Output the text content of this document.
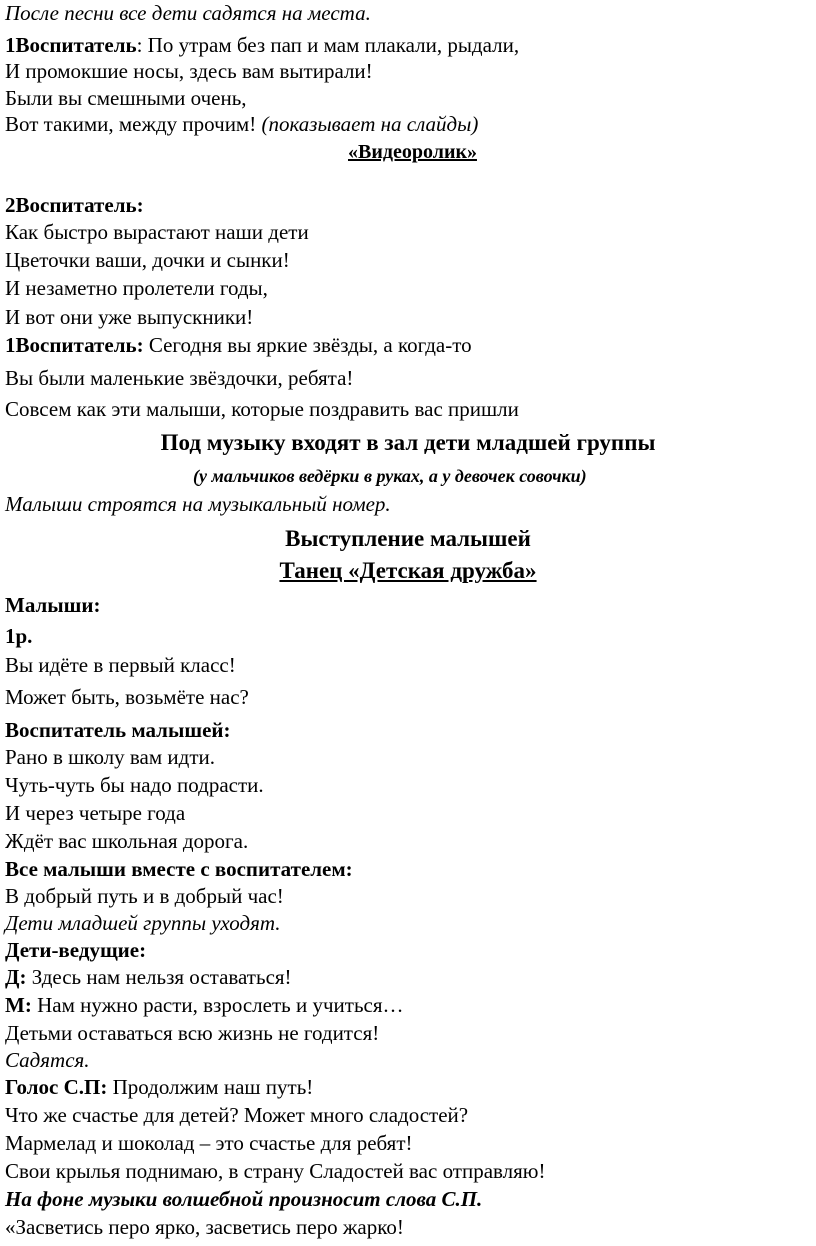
После песни все дети садятся на места.
1Воспитатель: По утрам без пап и мам плакали, рыдали,
И промокшие носы, здесь вам вытирали!
Были вы смешными очень,
Вот такими, между прочим! (показывает на слайды)
«Видеоролик»
2Воспитатель:
Как быстро вырастают наши дети
Цветочки ваши, дочки и сынки!
И незаметно пролетели годы,
И вот они уже выпускники!
1Воспитатель: Сегодня вы яркие звёзды, а когда-то
Вы были маленькие звёздочки, ребята!
Совсем как эти малыши, которые поздравить вас пришли
Под музыку входят в зал дети младшей группы
(у мальчиков ведёрки в руках, а у девочек совочки)
Малыши строятся на музыкальный номер.
Выступление малышей
Танец «Детская дружба»
Малыши:
1р.
Вы идёте в первый класс!
Может быть, возьмёте нас?
Воспитатель малышей:
Рано в школу вам идти.
Чуть-чуть бы надо подрасти.
И через четыре года
Ждёт вас школьная дорога.
Все малыши вместе с воспитателем:
В добрый путь и в добрый час!
Дети младшей группы уходят.
Дети-ведущие:
Д: Здесь нам нельзя оставаться!
М: Нам нужно расти, взрослеть и учиться…
Детьми оставаться всю жизнь не годится!
Садятся.
Голос С.П: Продолжим наш путь!
Что же счастье для детей? Может много сладостей?
Мармелад и шоколад – это счастье для ребят!
Свои крылья поднимаю, в страну Сладостей вас отправляю!
На фоне музыки волшебной произносит слова С.П.
«Засветись перо ярко, засветись перо жарко!
